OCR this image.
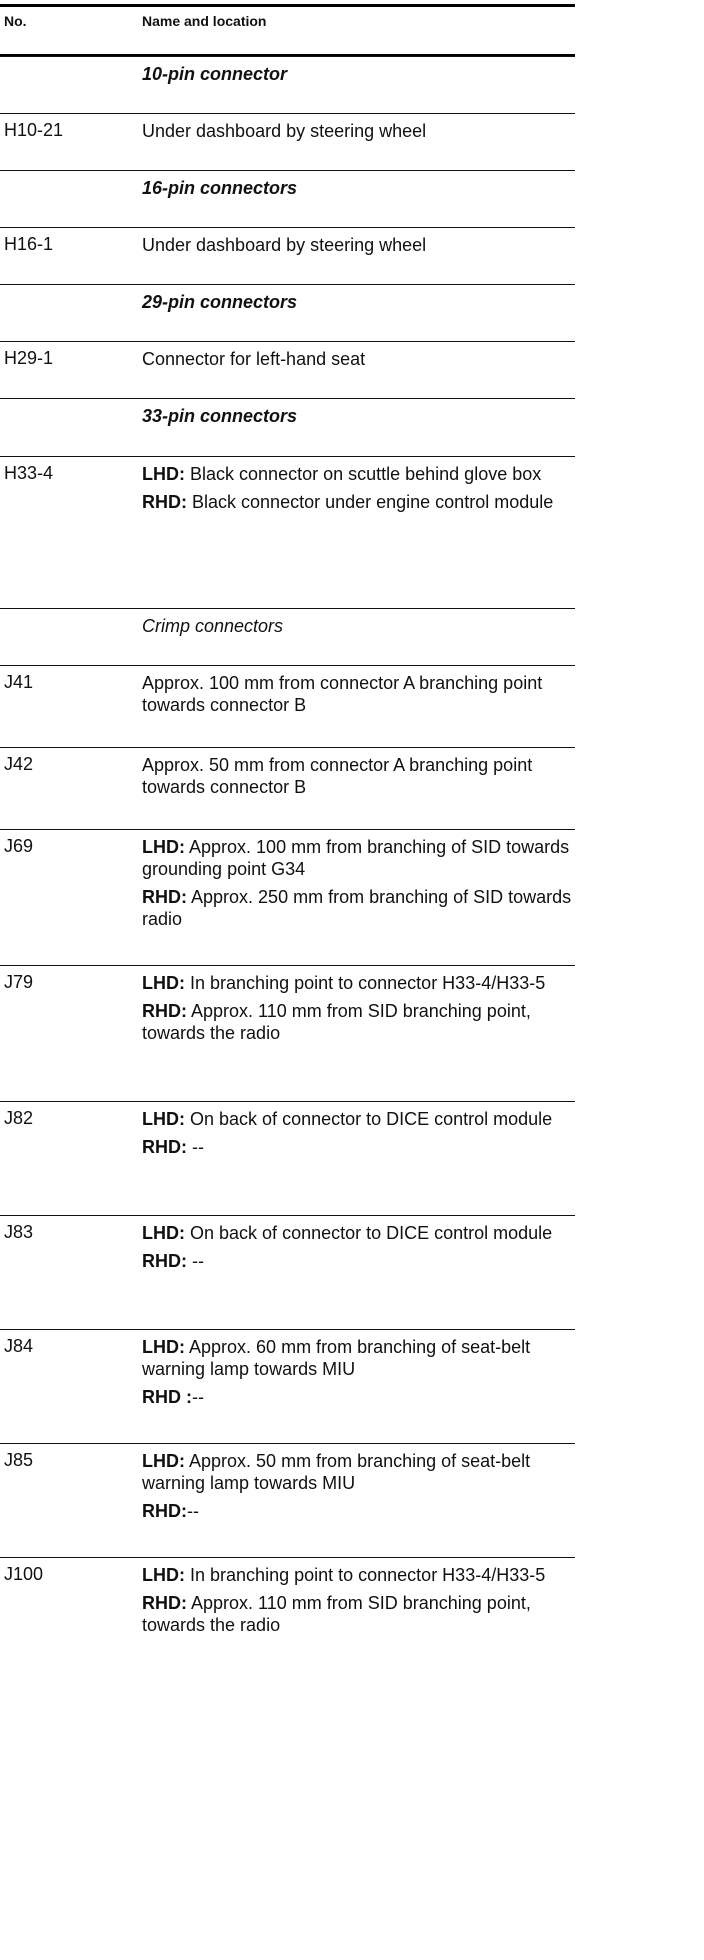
No.	Name and location
10-pin connector
H10-21	Under dashboard by steering wheel
16-pin connectors
H16-1	Under dashboard by steering wheel
29-pin connectors
H29-1	Connector for left-hand seat
33-pin connectors
H33-4	LHD: Black connector on scuttle behind glove box
RHD: Black connector under engine control module
Crimp connectors
J41	Approx. 100 mm from connector A branching point towards connector B
J42	Approx. 50 mm from connector A branching point towards connector B
J69	LHD: Approx. 100 mm from branching of SID towards grounding point G34
RHD: Approx. 250 mm from branching of SID towards radio
J79	LHD: In branching point to connector H33-4/H33-5
RHD: Approx. 110 mm from SID branching point, towards the radio
J82	LHD: On back of connector to DICE control module
RHD: --
J83	LHD: On back of connector to DICE control module
RHD: --
J84	LHD: Approx. 60 mm from branching of seat-belt warning lamp towards MIU
RHD :--
J85	LHD: Approx. 50 mm from branching of seat-belt warning lamp towards MIU
RHD:--
J100	LHD: In branching point to connector H33-4/H33-5
RHD: Approx. 110 mm from SID branching point, towards the radio
